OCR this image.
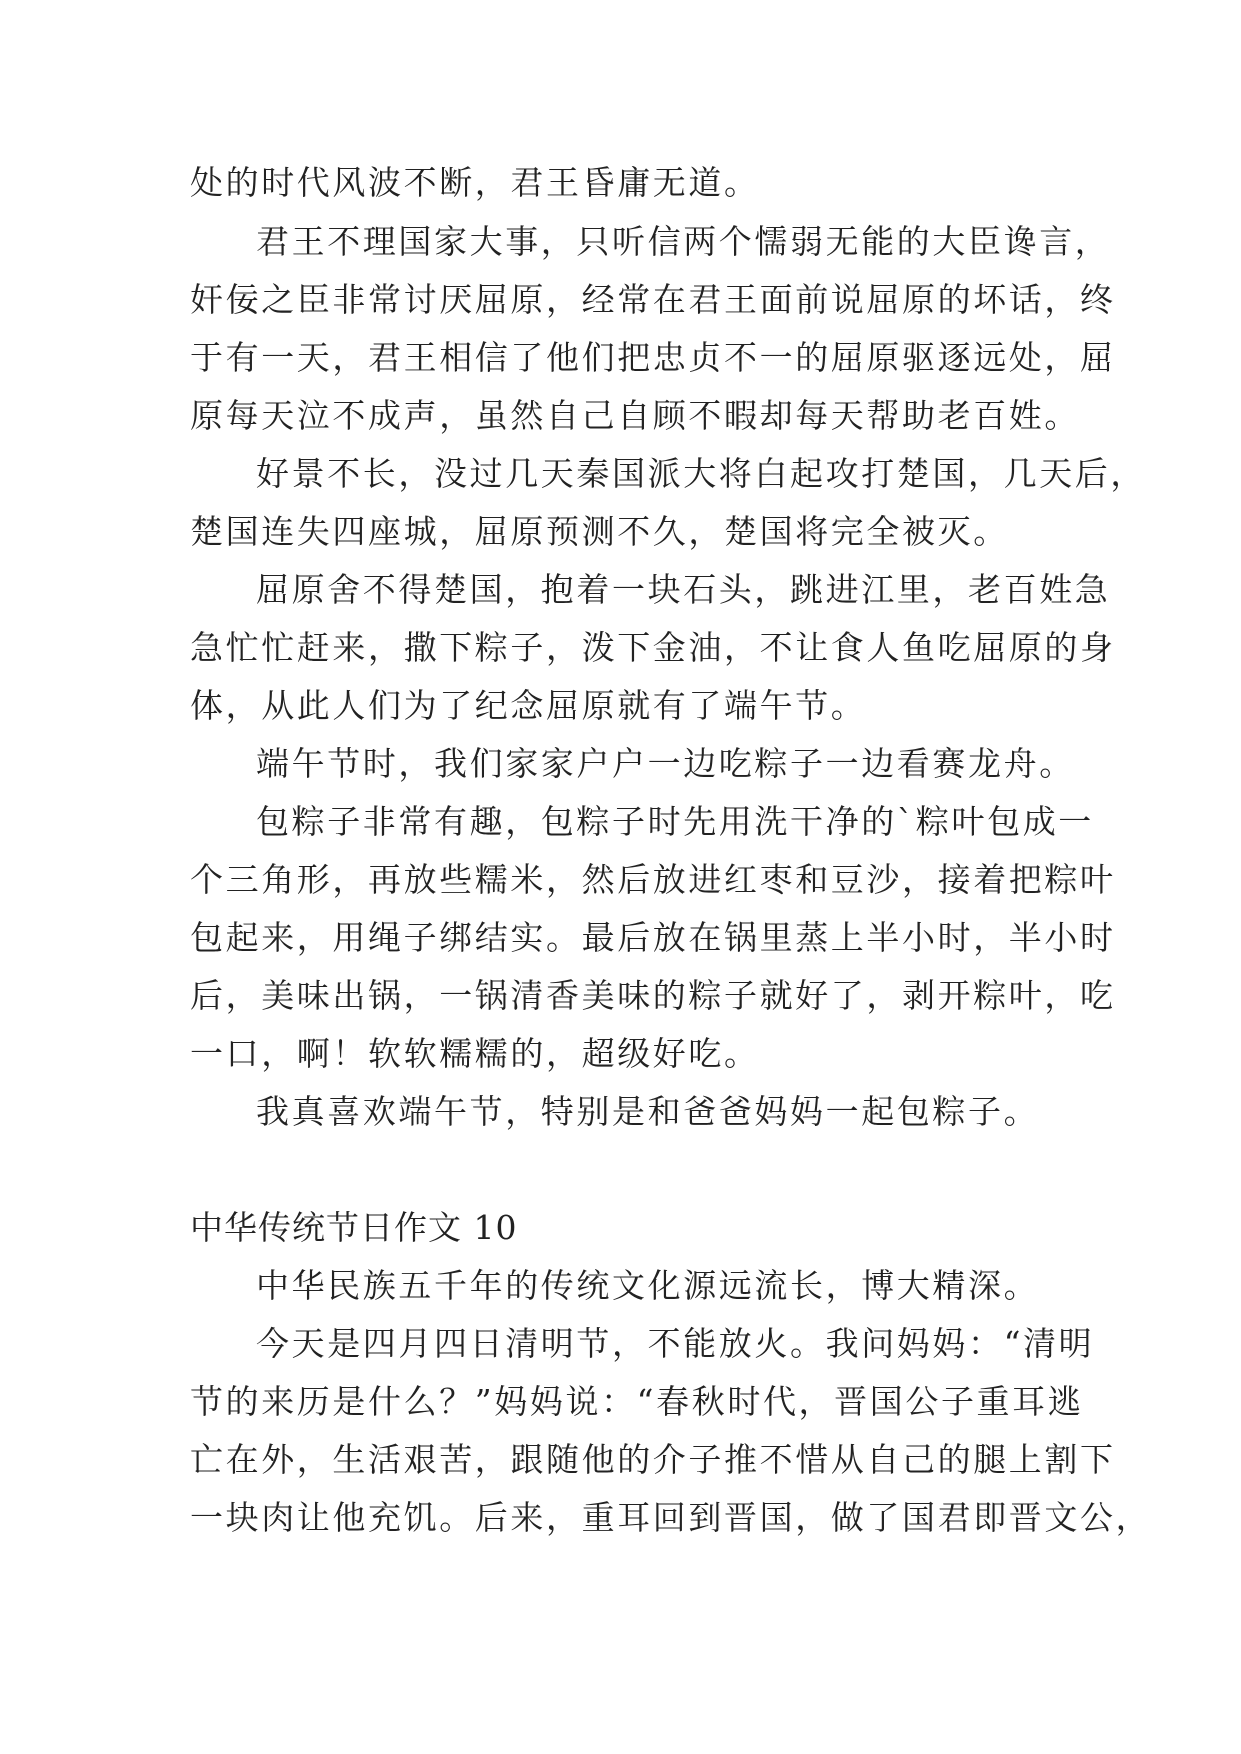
处的时代风波不断，君王昏庸无道。
君王不理国家大事，只听信两个懦弱无能的大臣谗言，
奸佞之臣非常讨厌屈原，经常在君王面前说屈原的坏话，终
于有一天，君王相信了他们把忠贞不一的屈原驱逐远处，屈
原每天泣不成声，虽然自己自顾不暇却每天帮助老百姓。
好景不长，没过几天秦国派大将白起攻打楚国，几天后，
楚国连失四座城，屈原预测不久，楚国将完全被灭。
屈原舍不得楚国，抱着一块石头，跳进江里，老百姓急
急忙忙赶来，撒下粽子，泼下金油，不让食人鱼吃屈原的身
体，从此人们为了纪念屈原就有了端午节。
端午节时，我们家家户户一边吃粽子一边看赛龙舟。
包粽子非常有趣，包粽子时先用洗干净的`粽叶包成一
个三角形，再放些糯米，然后放进红枣和豆沙，接着把粽叶
包起来，用绳子绑结实。最后放在锅里蒸上半小时，半小时
后，美味出锅，一锅清香美味的粽子就好了，剥开粽叶，吃
一口，啊！软软糯糯的，超级好吃。
我真喜欢端午节，特别是和爸爸妈妈一起包粽子。
中华传统节日作文 10
中华民族五千年的传统文化源远流长，博大精深。
今天是四月四日清明节，不能放火。我问妈妈：“清明
节的来历是什么？”妈妈说：“春秋时代，晋国公子重耳逃
亡在外，生活艰苦，跟随他的介子推不惜从自己的腿上割下
一块肉让他充饥。后来，重耳回到晋国，做了国君即晋文公，
